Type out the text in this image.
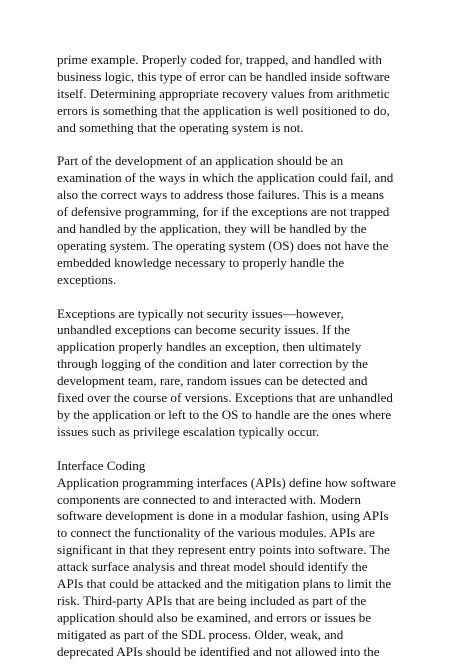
prime example. Properly coded for, trapped, and handled with
business logic, this type of error can be handled inside software
itself. Determining appropriate recovery values from arithmetic
errors is something that the application is well positioned to do,
and something that the operating system is not.

Part of the development of an application should be an
examination of the ways in which the application could fail, and
also the correct ways to address those failures. This is a means
of defensive programming, for if the exceptions are not trapped
and handled by the application, they will be handled by the
operating system. The operating system (OS) does not have the
embedded knowledge necessary to properly handle the
exceptions.

Exceptions are typically not security issues—however,
unhandled exceptions can become security issues. If the
application properly handles an exception, then ultimately
through logging of the condition and later correction by the
development team, rare, random issues can be detected and
fixed over the course of versions. Exceptions that are unhandled
by the application or left to the OS to handle are the ones where
issues such as privilege escalation typically occur.

Interface Coding
Application programming interfaces (APIs) define how software
components are connected to and interacted with. Modern
software development is done in a modular fashion, using APIs
to connect the functionality of the various modules. APIs are
significant in that they represent entry points into software. The
attack surface analysis and threat model should identify the
APIs that could be attacked and the mitigation plans to limit the
risk. Third-party APIs that are being included as part of the
application should also be examined, and errors or issues be
mitigated as part of the SDL process. Older, weak, and
deprecated APIs should be identified and not allowed into the
